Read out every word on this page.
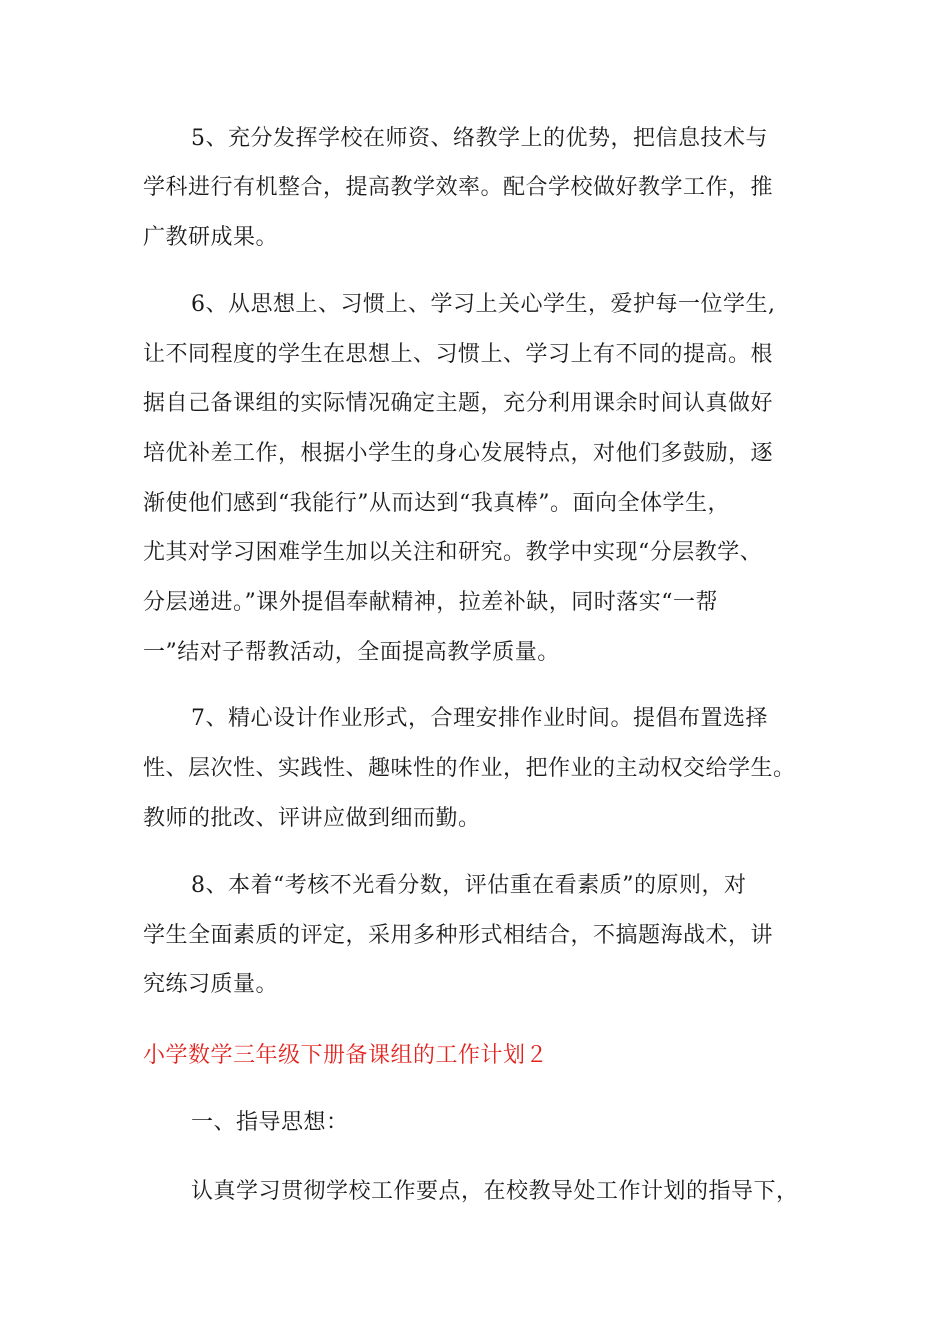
5、充分发挥学校在师资、络教学上的优势，把信息技术与
学科进行有机整合，提高教学效率。配合学校做好教学工作，推
广教研成果。
6、从思想上、习惯上、学习上关心学生，爱护每一位学生,
让不同程度的学生在思想上、习惯上、学习上有不同的提高。根
据自己备课组的实际情况确定主题，充分利用课余时间认真做好
培优补差工作，根据小学生的身心发展特点，对他们多鼓励，逐
渐使他们感到“我能行”从而达到“我真棒”。面向全体学生，
尤其对学习困难学生加以关注和研究。教学中实现“分层教学、
分层递进。”课外提倡奉献精神，拉差补缺，同时落实“一帮
一”结对子帮教活动，全面提高教学质量。
7、精心设计作业形式，合理安排作业时间。提倡布置选择
性、层次性、实践性、趣味性的作业，把作业的主动权交给学生。
教师的批改、评讲应做到细而勤。
8、本着“考核不光看分数，评估重在看素质”的原则，对
学生全面素质的评定，采用多种形式相结合，不搞题海战术，讲
究练习质量。
小学数学三年级下册备课组的工作计划２
一、指导思想：
认真学习贯彻学校工作要点，在校教导处工作计划的指导下，
